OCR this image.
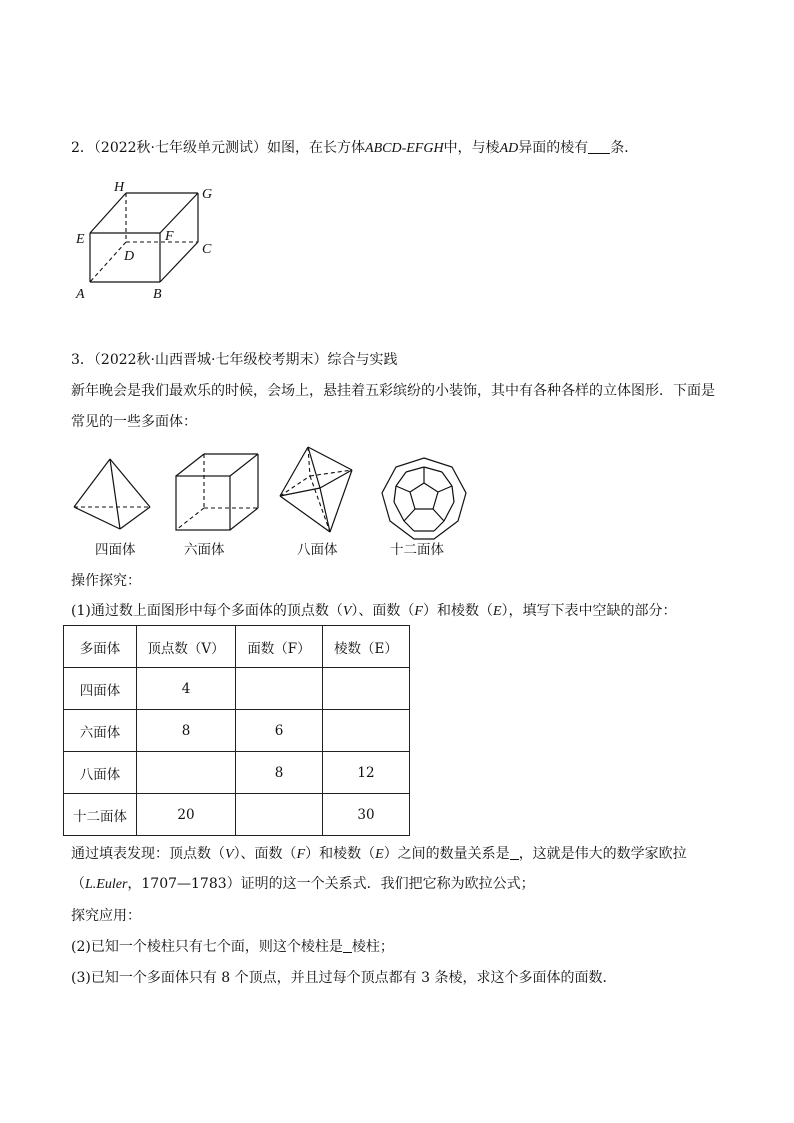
2．（2022秋·七年级单元测试）如图，在长方体ABCD-EFGH中，与棱AD异面的棱有 条．
H	G
E	F
D	C
A	B
3．（2022秋·山西晋城·七年级校考期末）综合与实践
新年晚会是我们最欢乐的时候，会场上，悬挂着五彩缤纷的小装饰，其中有各种各样的立体图形．下面是
常见的一些多面体：
四面体	六面体	八面体	十二面体
操作探究：
(1)通过数上面图形中每个多面体的顶点数（V）、面数（F）和棱数（E），填写下表中空缺的部分：
多面体	顶点数（V）	面数（F）	棱数（E）
四面体	4		
六面体	8	6	
八面体		8	12
十二面体	20		30
通过填表发现：顶点数（V）、面数（F）和棱数（E）之间的数量关系是 ，这就是伟大的数学家欧拉
（L.Euler，1707—1783）证明的这一个关系式．我们把它称为欧拉公式；
探究应用：
(2)已知一个棱柱只有七个面，则这个棱柱是 棱柱；
(3)已知一个多面体只有 8 个顶点，并且过每个顶点都有 3 条棱，求这个多面体的面数．
